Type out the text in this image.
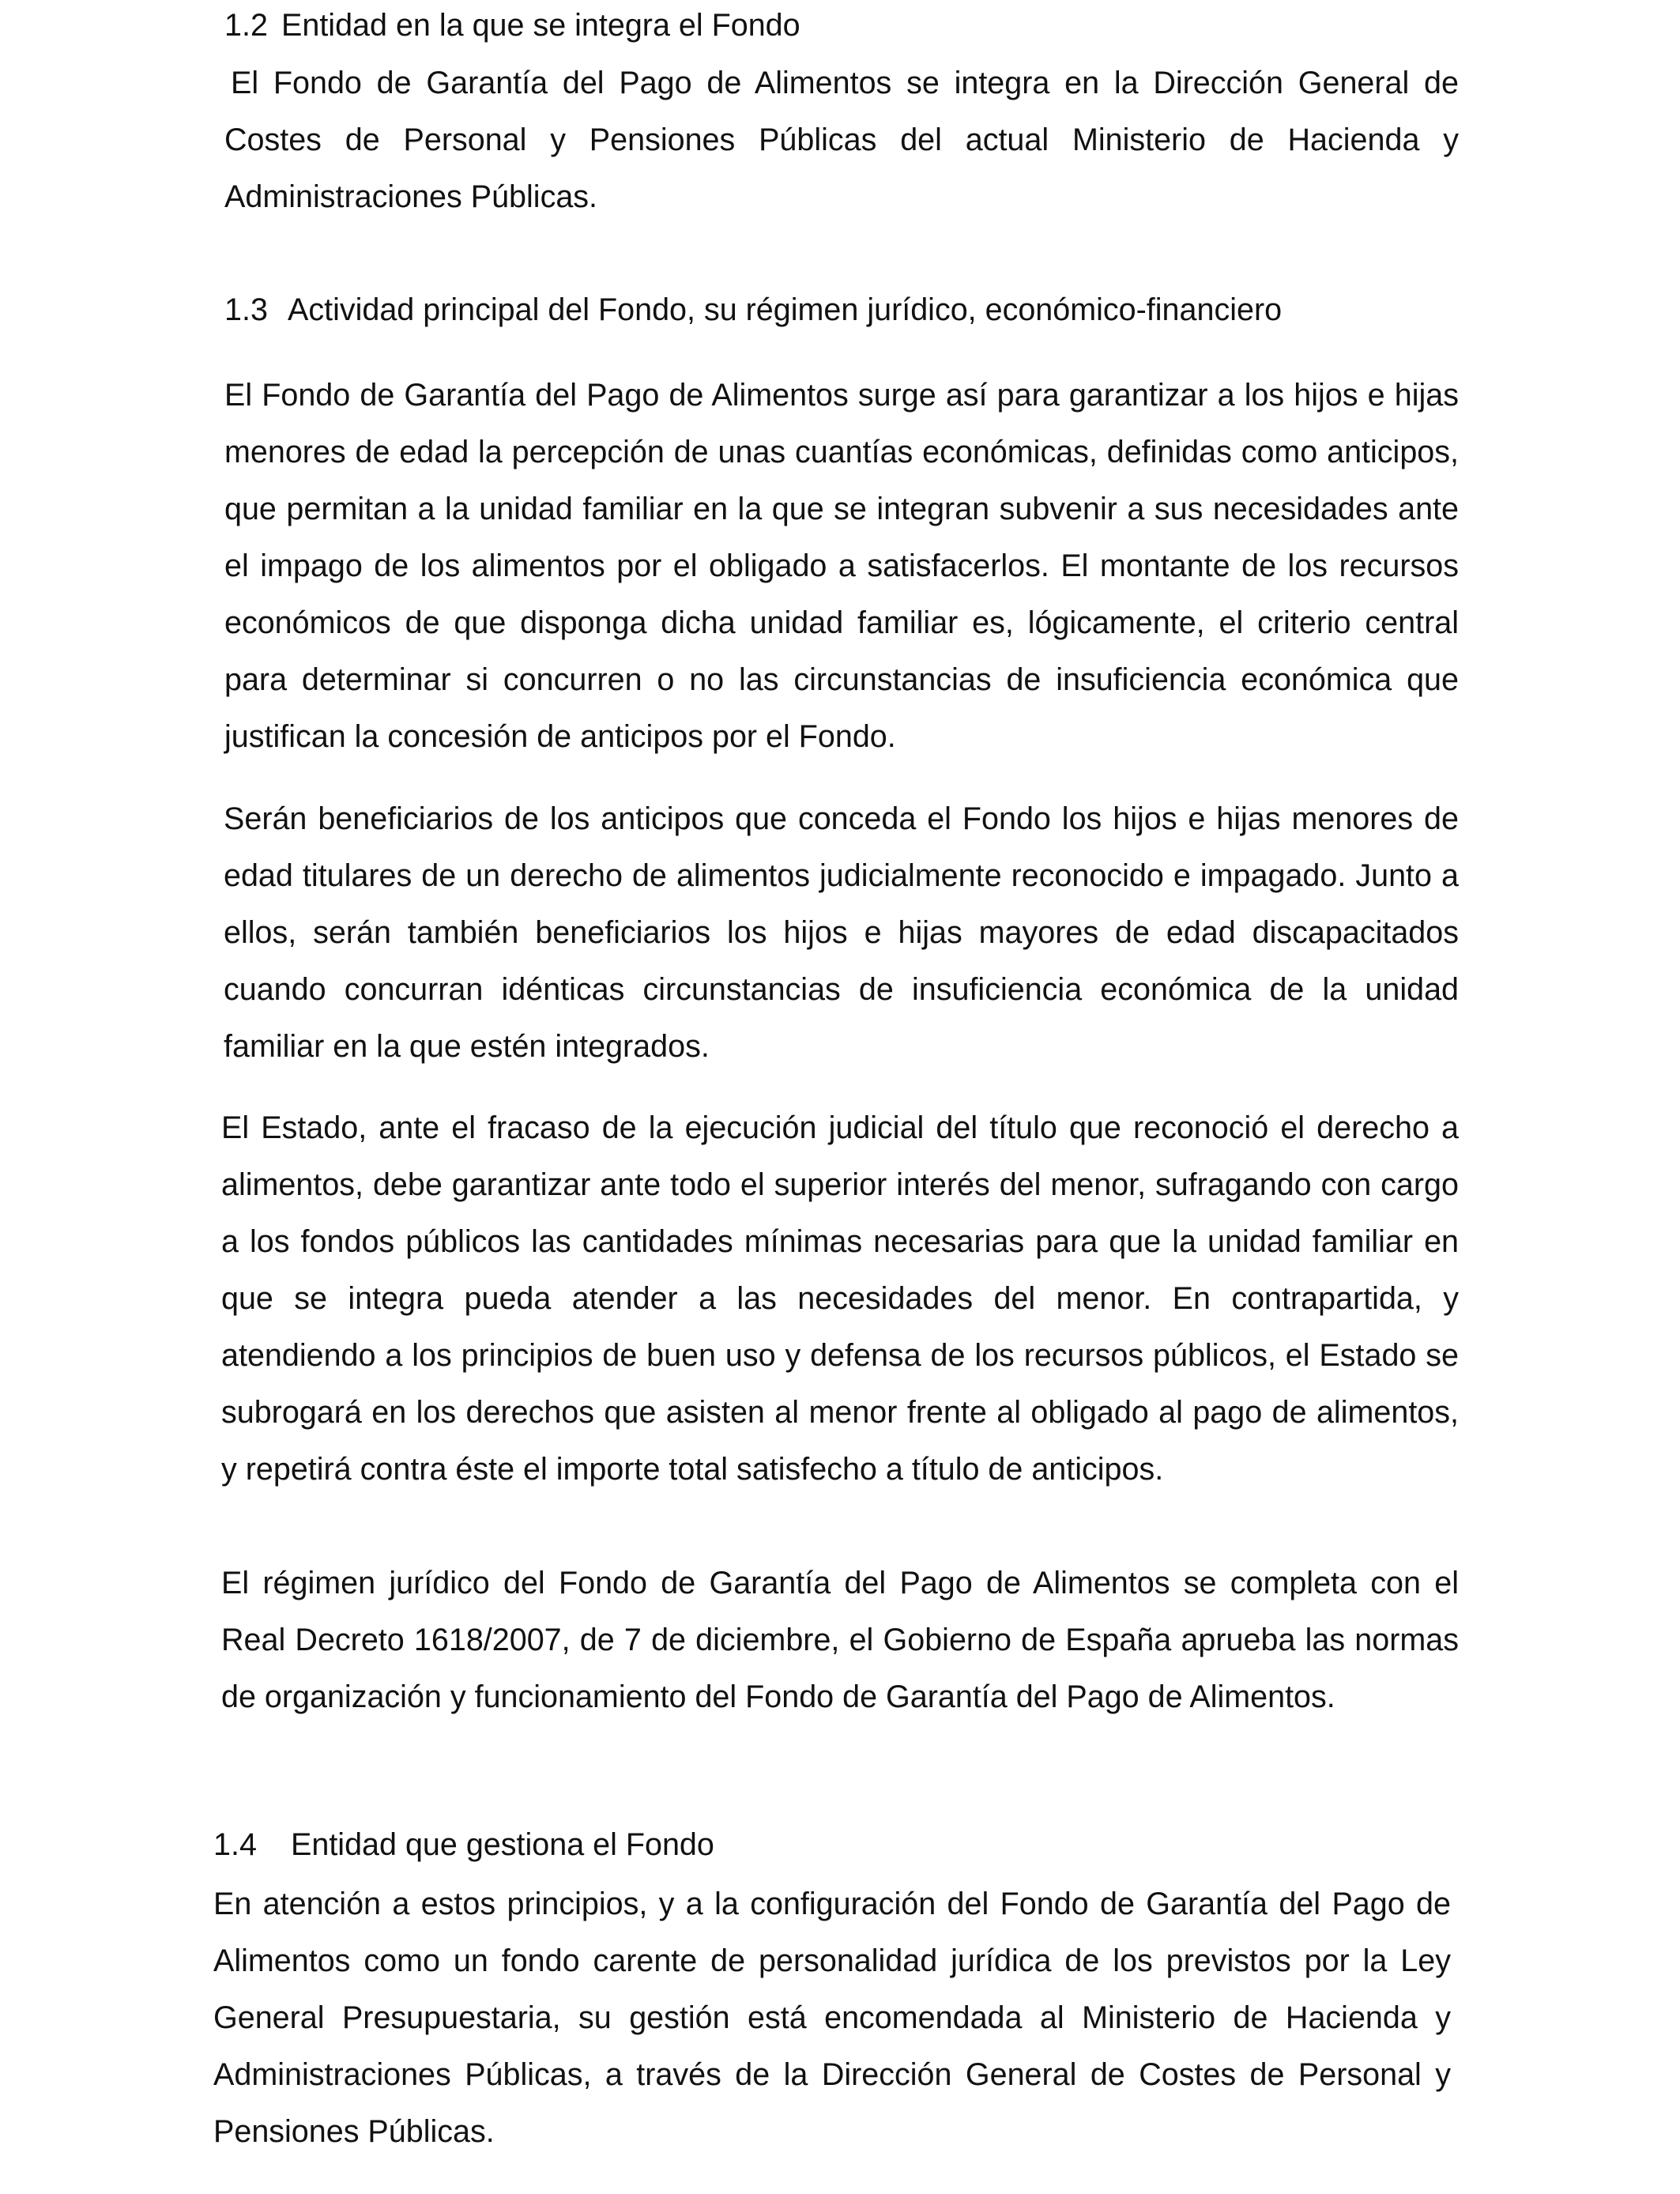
1.2 Entidad en la que se integra el Fondo

El Fondo de Garantía del Pago de Alimentos se integra en la Dirección General de Costes de Personal y Pensiones Públicas del actual Ministerio de Hacienda y Administraciones Públicas.

1.3 Actividad principal del Fondo, su régimen jurídico, económico-financiero

El Fondo de Garantía del Pago de Alimentos surge así para garantizar a los hijos e hijas menores de edad la percepción de unas cuantías económicas, definidas como anticipos, que permitan a la unidad familiar en la que se integran subvenir a sus necesidades ante el impago de los alimentos por el obligado a satisfacerlos. El montante de los recursos económicos de que disponga dicha unidad familiar es, lógicamente, el criterio central para determinar si concurren o no las circunstancias de insuficiencia económica que justifican la concesión de anticipos por el Fondo.

Serán beneficiarios de los anticipos que conceda el Fondo los hijos e hijas menores de edad titulares de un derecho de alimentos judicialmente reconocido e impagado. Junto a ellos, serán también beneficiarios los hijos e hijas mayores de edad discapacitados cuando concurran idénticas circunstancias de insuficiencia económica de la unidad familiar en la que estén integrados.

El Estado, ante el fracaso de la ejecución judicial del título que reconoció el derecho a alimentos, debe garantizar ante todo el superior interés del menor, sufragando con cargo a los fondos públicos las cantidades mínimas necesarias para que la unidad familiar en que se integra pueda atender a las necesidades del menor. En contrapartida, y atendiendo a los principios de buen uso y defensa de los recursos públicos, el Estado se subrogará en los derechos que asisten al menor frente al obligado al pago de alimentos, y repetirá contra éste el importe total satisfecho a título de anticipos.

El régimen jurídico del Fondo de Garantía del Pago de Alimentos se completa con el Real Decreto 1618/2007, de 7 de diciembre, el Gobierno de España aprueba las normas de organización y funcionamiento del Fondo de Garantía del Pago de Alimentos.

1.4 Entidad que gestiona el Fondo

En atención a estos principios, y a la configuración del Fondo de Garantía del Pago de Alimentos como un fondo carente de personalidad jurídica de los previstos por la Ley General Presupuestaria, su gestión está encomendada al Ministerio de Hacienda y Administraciones Públicas, a través de la Dirección General de Costes de Personal y Pensiones Públicas.
